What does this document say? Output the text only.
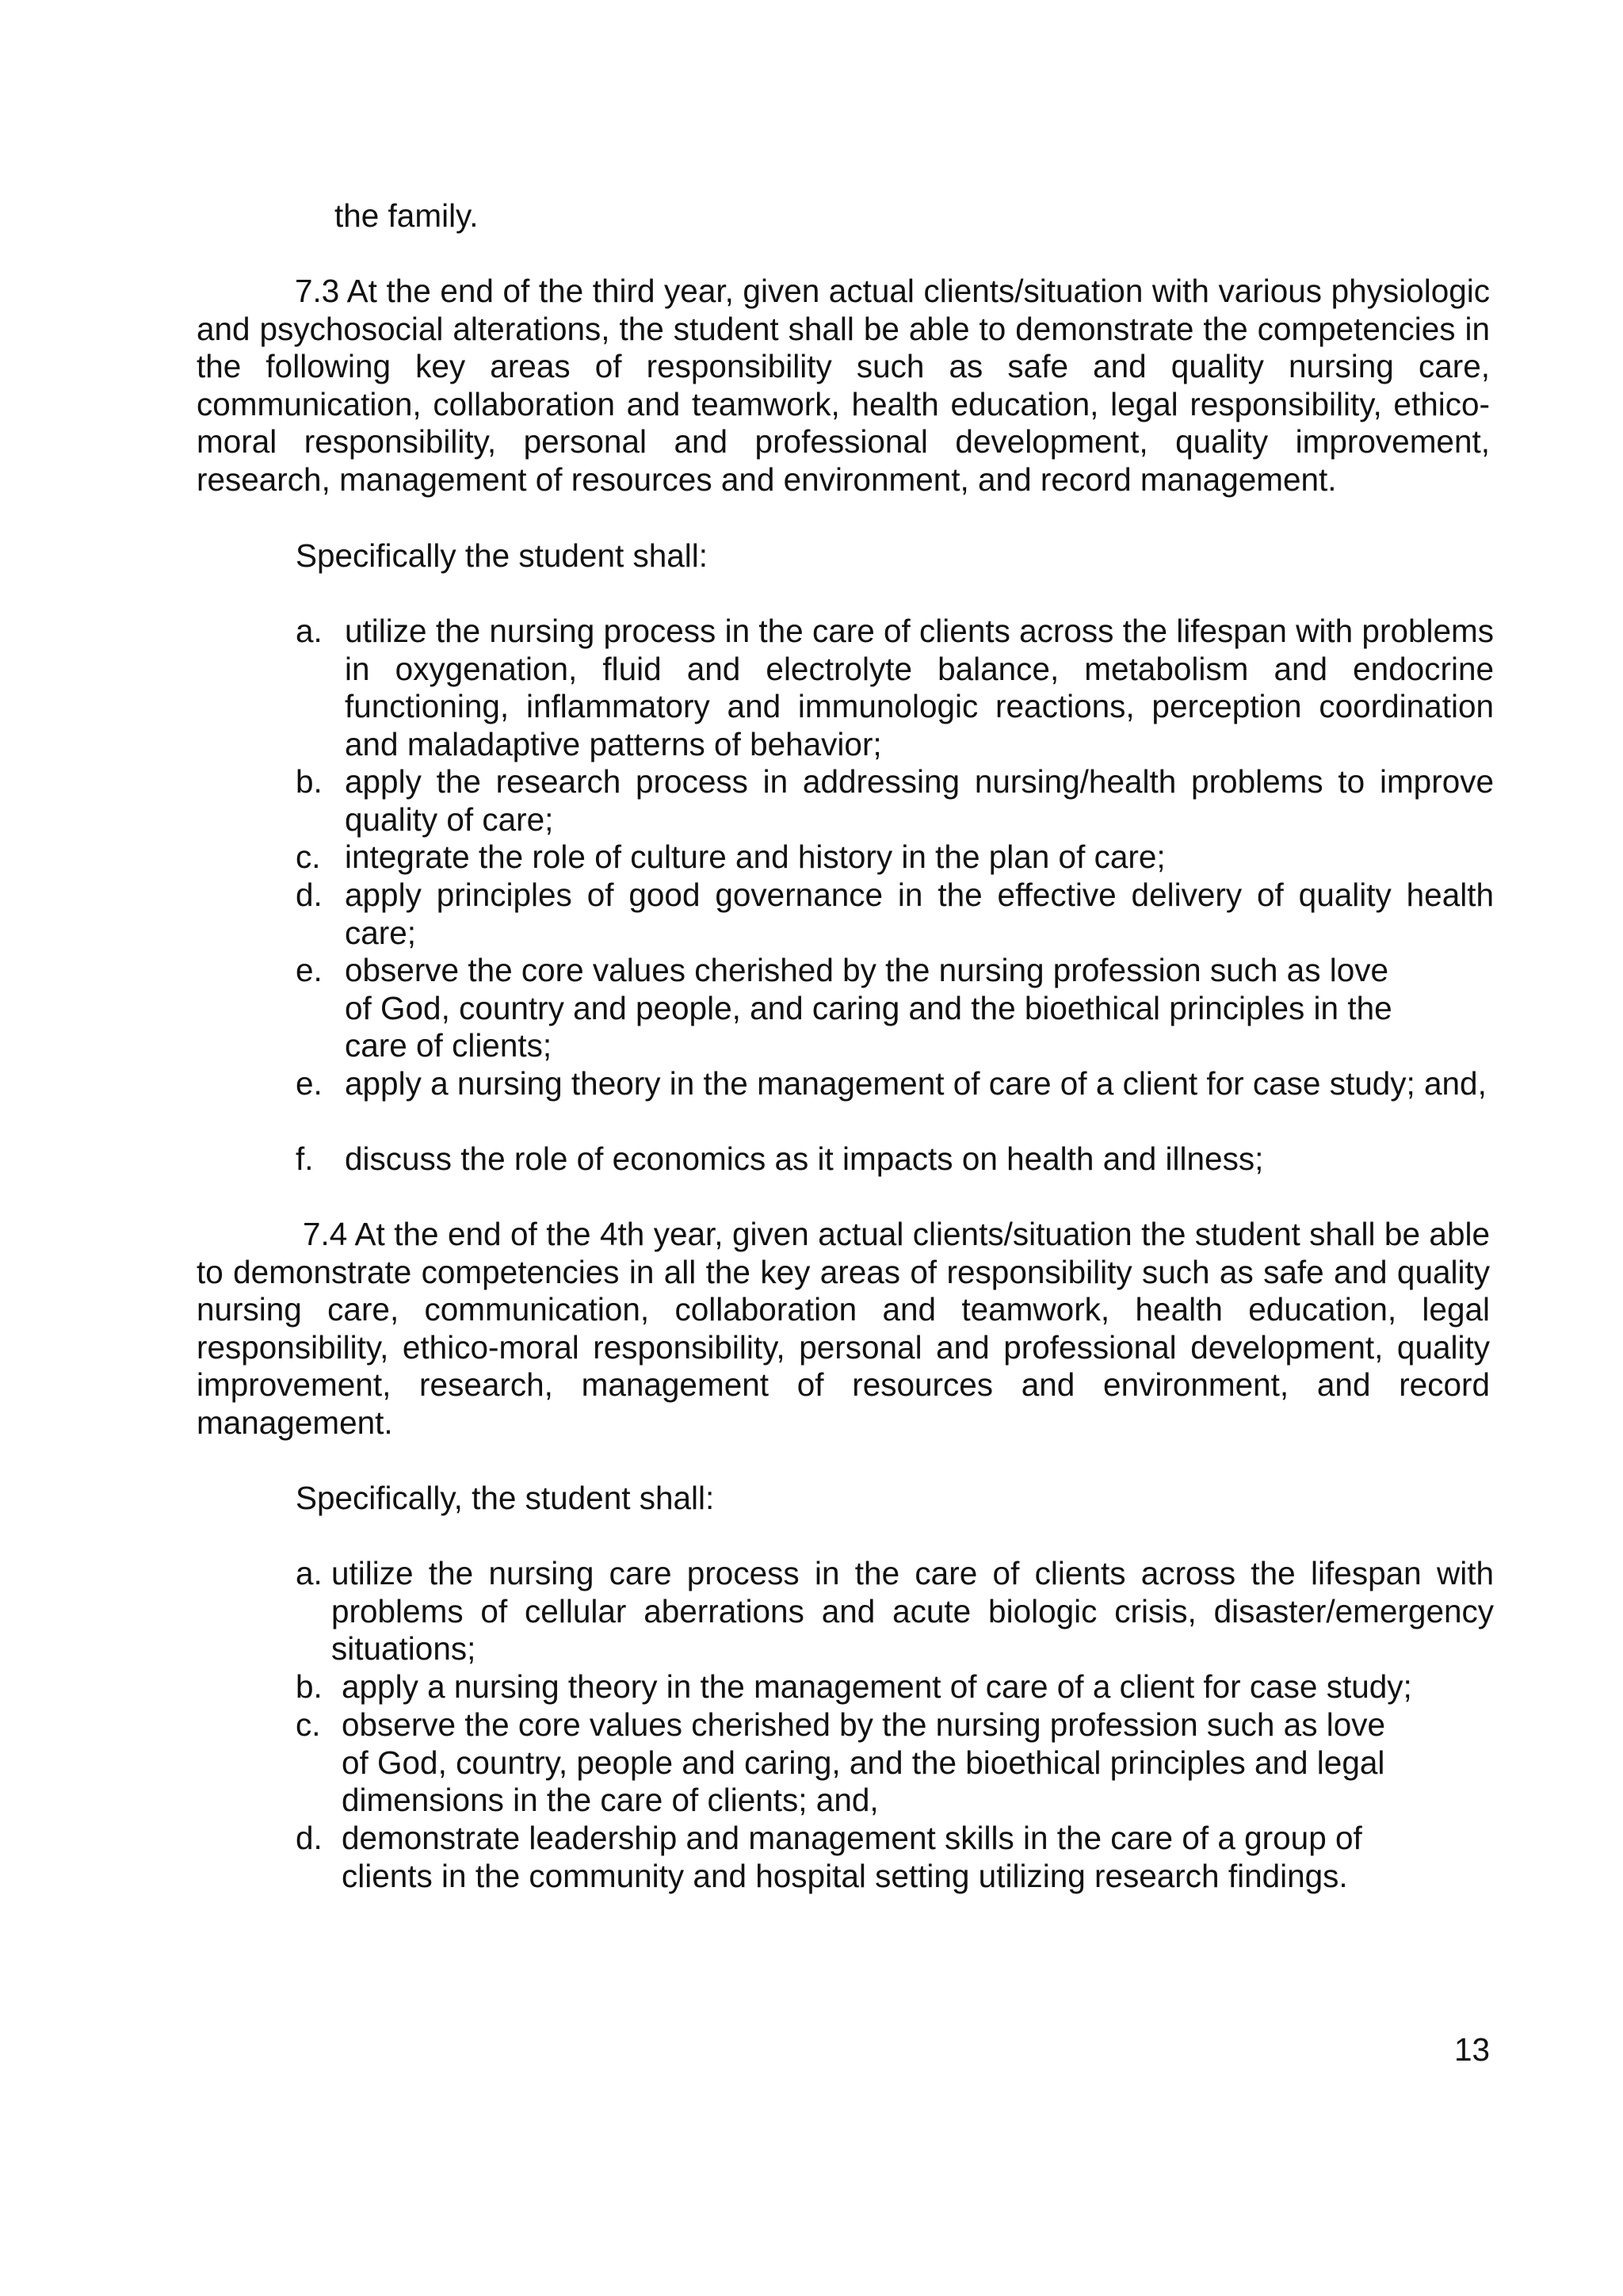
the family.

7.3 At the end of the third year, given actual clients/situation with various physiologic and psychosocial alterations, the student shall be able to demonstrate the competencies in the following key areas of responsibility such as safe and quality nursing care, communication, collaboration and teamwork, health education, legal responsibility, ethico-moral responsibility, personal and professional development, quality improvement, research, management of resources and environment, and record management.

Specifically the student shall:

a. utilize the nursing process in the care of clients across the lifespan with problems in oxygenation, fluid and electrolyte balance, metabolism and endocrine functioning, inflammatory and immunologic reactions, perception coordination and maladaptive patterns of behavior;
b. apply the research process in addressing nursing/health problems to improve quality of care;
c. integrate the role of culture and history in the plan of care;
d. apply principles of good governance in the effective delivery of quality health care;
e. observe the core values cherished by the nursing profession such as love of God, country and people, and caring and the bioethical principles in the care of clients;
e. apply a nursing theory in the management of care of a client for case study; and,
f. discuss the role of economics as it impacts on health and illness;

7.4 At the end of the 4th year, given actual clients/situation the student shall be able to demonstrate competencies in all the key areas of responsibility such as safe and quality nursing care, communication, collaboration and teamwork, health education, legal responsibility, ethico-moral responsibility, personal and professional development, quality improvement, research, management of resources and environment, and record management.

Specifically, the student shall:

a. utilize the nursing care process in the care of clients across the lifespan with problems of cellular aberrations and acute biologic crisis, disaster/emergency situations;
b. apply a nursing theory in the management of care of a client for case study;
c. observe the core values cherished by the nursing profession such as love of God, country, people and caring, and the bioethical principles and legal dimensions in the care of clients; and,
d. demonstrate leadership and management skills in the care of a group of clients in the community and hospital setting utilizing research findings.
13
